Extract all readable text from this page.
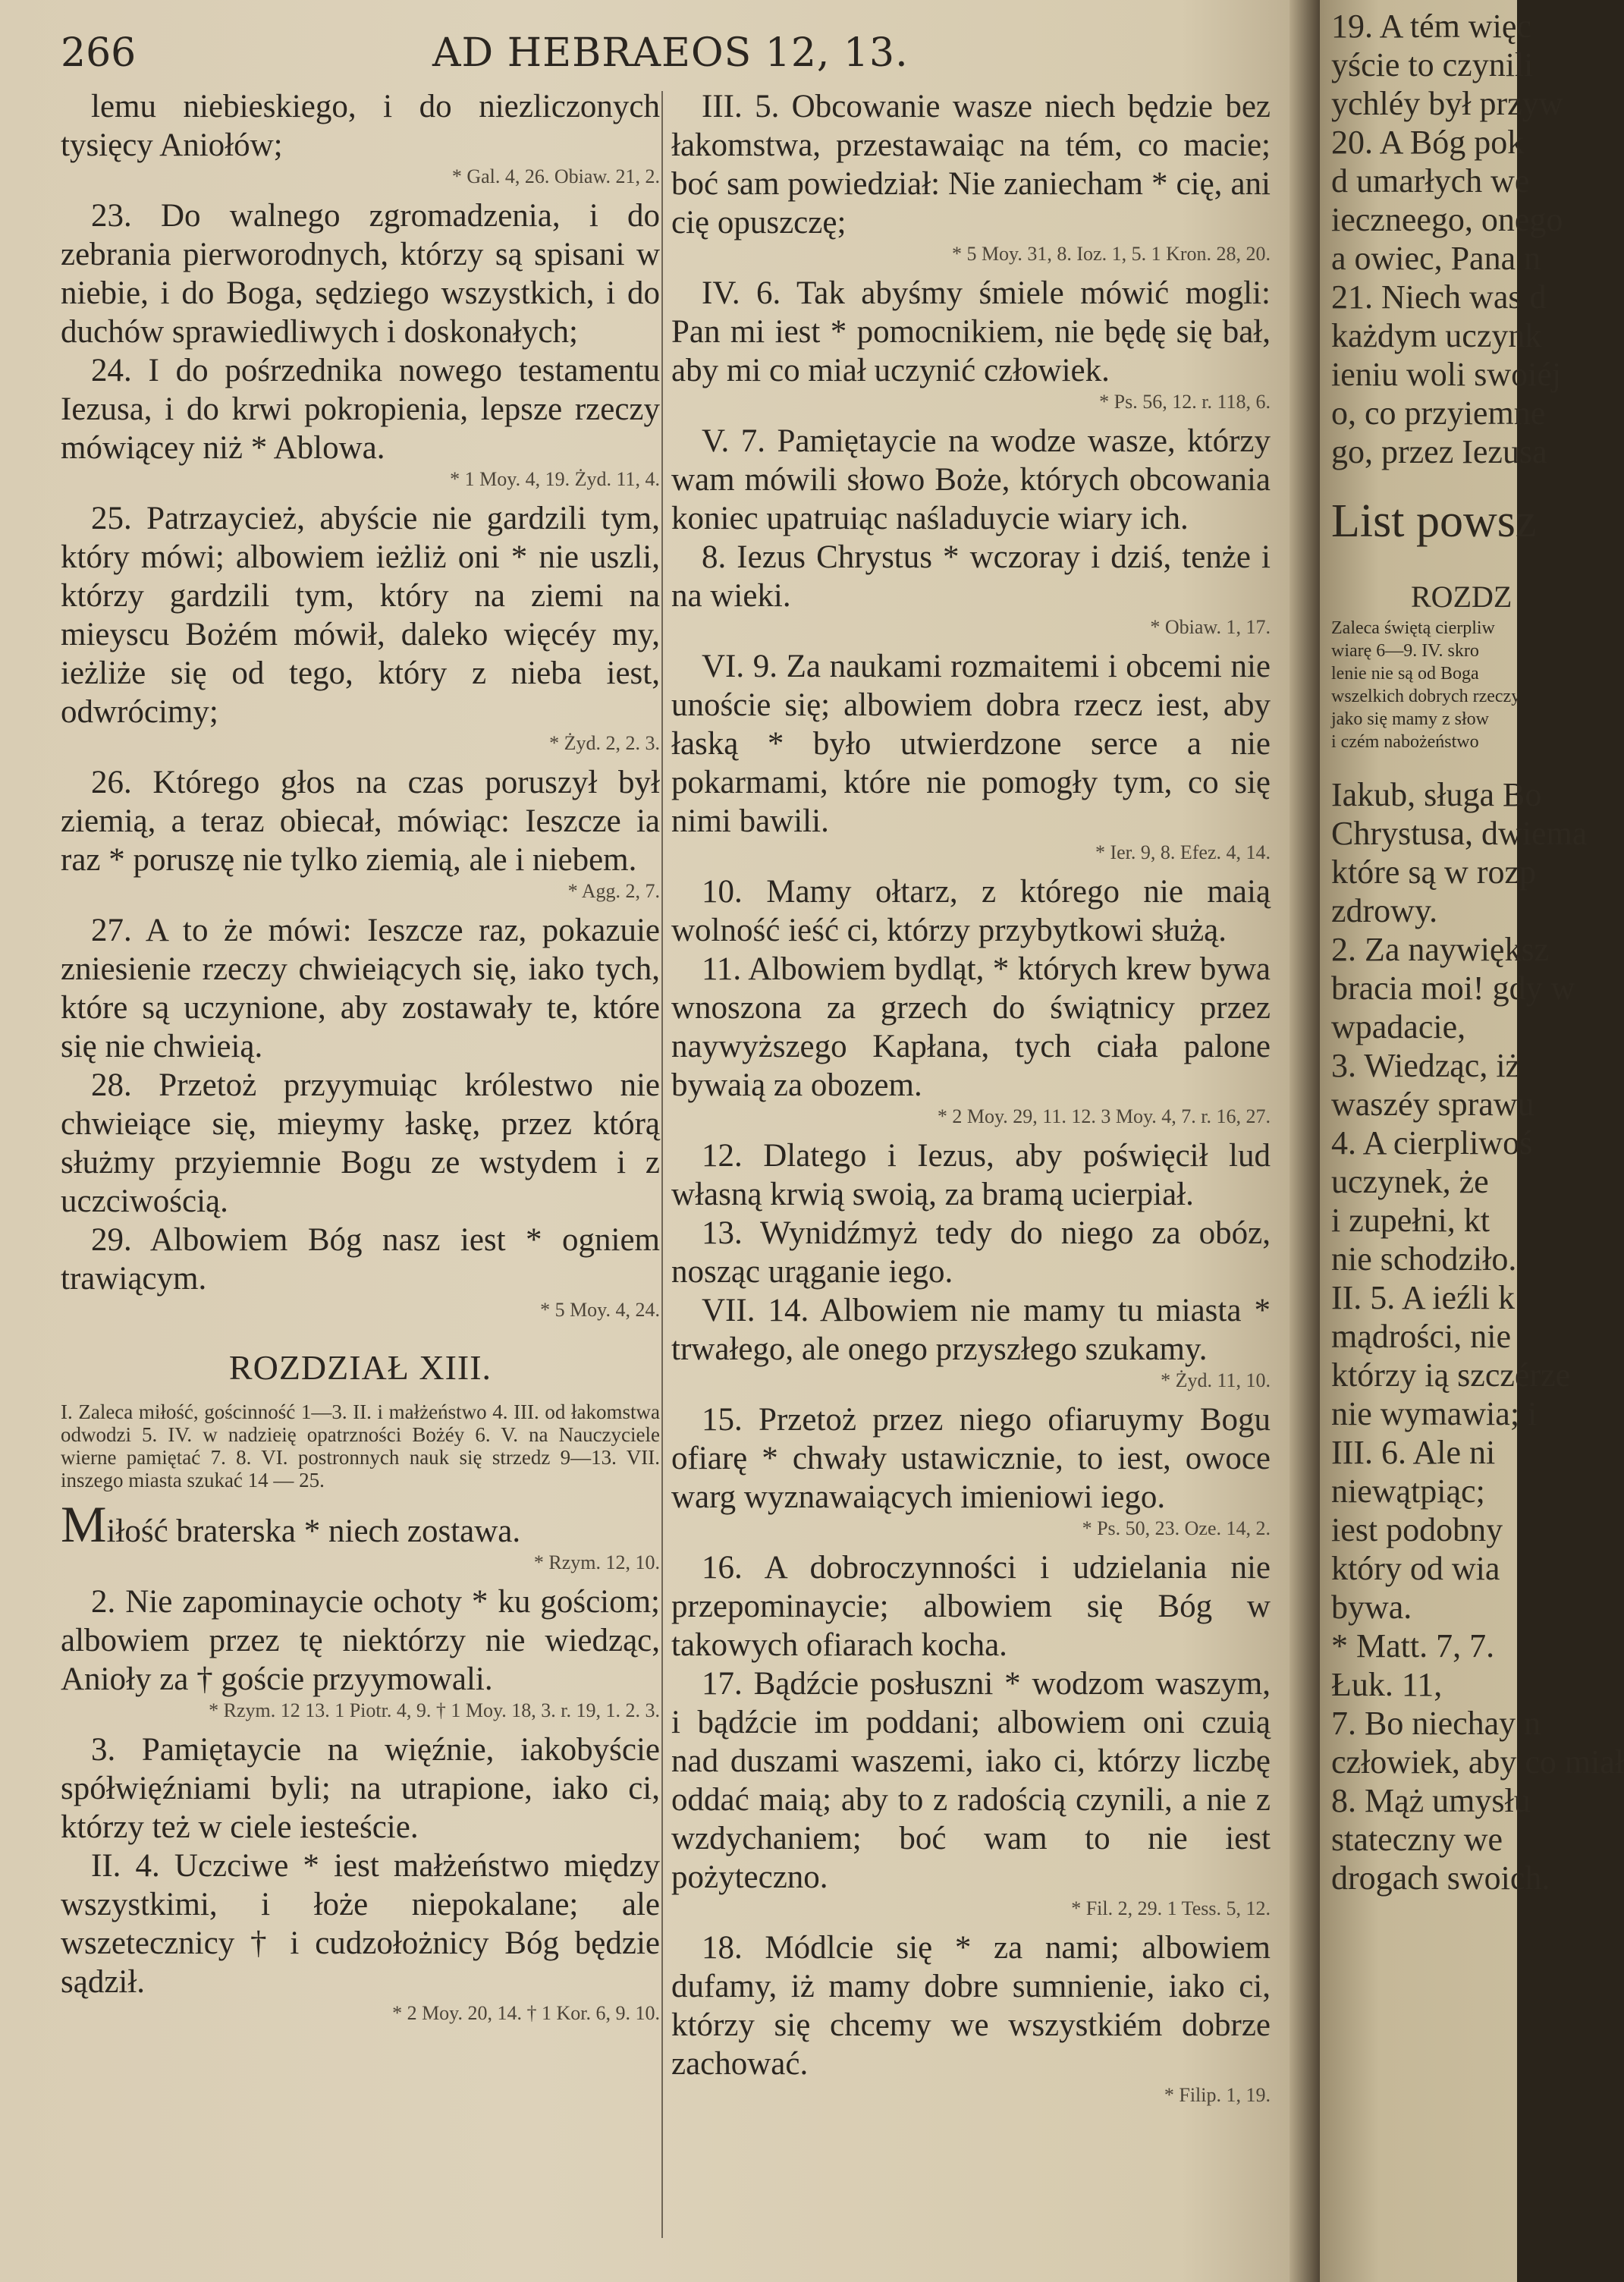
266	AD HEBRAEOS 12, 13.

lemu niebieskiego, i do niezliczonych tysięcy Aniołów;

* Gal. 4, 26. Obiaw. 21, 2.

23. Do walnego zgromadzenia, i do zebrania pierworodnych, którzy są spisani w niebie, i do Boga, sędziego wszystkich, i do duchów sprawiedliwych i doskonałych;

24. I do pośrzednika nowego testamentu Iezusa, i do krwi pokropienia, lepsze rzeczy mówiącey niż * Ablowa.

* 1 Moy. 4, 19. Żyd. 11, 4.

25. Patrzaycież, abyście nie gardzili tym, który mówi; albowiem ieżliż oni * nie uszli, którzy gardzili tym, który na ziemi na mieyscu Bożém mówił, daleko więcéy my, ieżliże się od tego, który z nieba iest, odwrócimy;

* Żyd. 2, 2. 3.

26. Którego głos na czas poruszył był ziemią, a teraz obiecał, mówiąc: Ieszcze ia raz * poruszę nie tylko ziemią, ale i niebem.

* Agg. 2, 7.

27. A to że mówi: Ieszcze raz, pokazuie zniesienie rzeczy chwieiących się, iako tych, które są uczynione, aby zostawały te, które się nie chwieią.

28. Przetoż przyymuiąc królestwo nie chwieiące się, mieymy łaskę, przez którą służmy przyiemnie Bogu ze wstydem i z uczciwością.

29. Albowiem Bóg nasz iest * ogniem trawiącym.

* 5 Moy. 4, 24.

ROZDZIAŁ XIII.

I. Zaleca miłość, gościnność 1—3. II. i małżeństwo 4. III. od łakomstwa odwodzi 5. IV. w nadzieię opatrzności Bożéy 6. V. na Nauczyciele wierne pamiętać 7. 8. VI. postronnych nauk się strzedz 9—13. VII. inszego miasta szukać 14 — 25.

Miłość braterska * niech zostawa.

* Rzym. 12, 10.

2. Nie zapominaycie ochoty * ku gościom; albowiem przez tę niektórzy nie wiedząc, Anioły za † goście przyymowali.

* Rzym. 12 13. 1 Piotr. 4, 9. † 1 Moy. 18, 3. r. 19, 1. 2. 3.

3. Pamiętaycie na więźnie, iakobyście spółwięźniami byli; na utrapione, iako ci, którzy też w ciele iesteście.

II. 4. Uczciwe * iest małżeństwo między wszystkimi, i łoże niepokalane; ale wszetecznicy † i cudzołożnicy Bóg będzie sądził.

* 2 Moy. 20, 14. † 1 Kor. 6, 9. 10.

III. 5. Obcowanie wasze niech będzie bez łakomstwa, przestawaiąc na tém, co macie; boć sam powiedział: Nie zaniecham * cię, ani cię opuszczę;

* 5 Moy. 31, 8. Ioz. 1, 5. 1 Kron. 28, 20.

IV. 6. Tak abyśmy śmiele mówić mogli: Pan mi iest * pomocnikiem, nie będę się bał, aby mi co miał uczynić człowiek.

* Ps. 56, 12. r. 118, 6.

V. 7. Pamiętaycie na wodze wasze, którzy wam mówili słowo Boże, których obcowania koniec upatruiąc naśladuycie wiary ich.

8. Iezus Chrystus * wczoray i dziś, tenże i na wieki.

* Obiaw. 1, 17.

VI. 9. Za naukami rozmaitemi i obcemi nie unoście się; albowiem dobra rzecz iest, aby łaską * było utwierdzone serce a nie pokarmami, które nie pomogły tym, co się nimi bawili.

* Ier. 9, 8. Efez. 4, 14.

10. Mamy ołtarz, z którego nie maią wolność ieść ci, którzy przybytkowi służą.

11. Albowiem bydląt, * których krew bywa wnoszona za grzech do świątnicy przez naywyższego Kapłana, tych ciała palone bywaią za obozem.

* 2 Moy. 29, 11. 12. 3 Moy. 4, 7. r. 16, 27.

12. Dlatego i Iezus, aby poświęcił lud własną krwią swoią, za bramą ucierpiał.

13. Wynidźmyż tedy do niego za obóz, nosząc urąganie iego.

VII. 14. Albowiem nie mamy tu miasta * trwałego, ale onego przyszłego szukamy.

* Żyd. 11, 10.

15. Przetoż przez niego ofiaruymy Bogu ofiarę * chwały ustawicznie, to iest, owoce warg wyznawaiących imieniowi iego.

* Ps. 50, 23. Oze. 14, 2.

16. A dobroczynności i udzielania nie przepominaycie; albowiem się Bóg w takowych ofiarach kocha.

17. Bądźcie posłuszni * wodzom waszym, i bądźcie im poddani; albowiem oni czuią nad duszami waszemi, iako ci, którzy liczbę oddać maią; aby to z radością czynili, a nie z wzdychaniem; boć wam to nie iest pożyteczno.

* Fil. 2, 29. 1 Tess. 5, 12.

18. Módlcie się * za nami; albowiem dufamy, iż mamy dobre sumnienie, iako ci, którzy się chcemy we wszystkiém dobrze zachować.

* Filip. 1, 19.

19. A tém więc
yście to czynili
ychléy był przyw
20. A Bóg pok
d umarłych we
ieczneego, onego
a owiec, Pana n
21. Niech was d
każdym uczynk
ieniu woli swoiéj
o, co przyiemne
go, przez Iezusa
List powsz
ROZDZ
Zaleca świętą cierpliw
wiarę 6—9. IV. skro
lenie nie są od Boga
wszelkich dobrych rzeczy
jako się mamy z słow
i czém nabożeństwo
Iakub, sługa Bo
Chrystusa, dwiema
które są w rozp
zdrowy.
2. Za naywiększ
bracia moi! gdy w
wpadacie,
3. Wiedząc, iż
waszéy sprawu
4. A cierpliwoś
uczynek, że
i zupełni, kt
nie schodziło.
II. 5. A ieźli k
mądrości, nie
którzy ią szczérze
nie wymawia; i
III. 6. Ale ni
niewątpiąc;
iest podobny
który od wia
bywa.
* Matt. 7, 7.
Łuk. 11,
7. Bo niechay n
człowiek, aby co miał
8. Mąż umysłu
stateczny we
drogach swoich.
